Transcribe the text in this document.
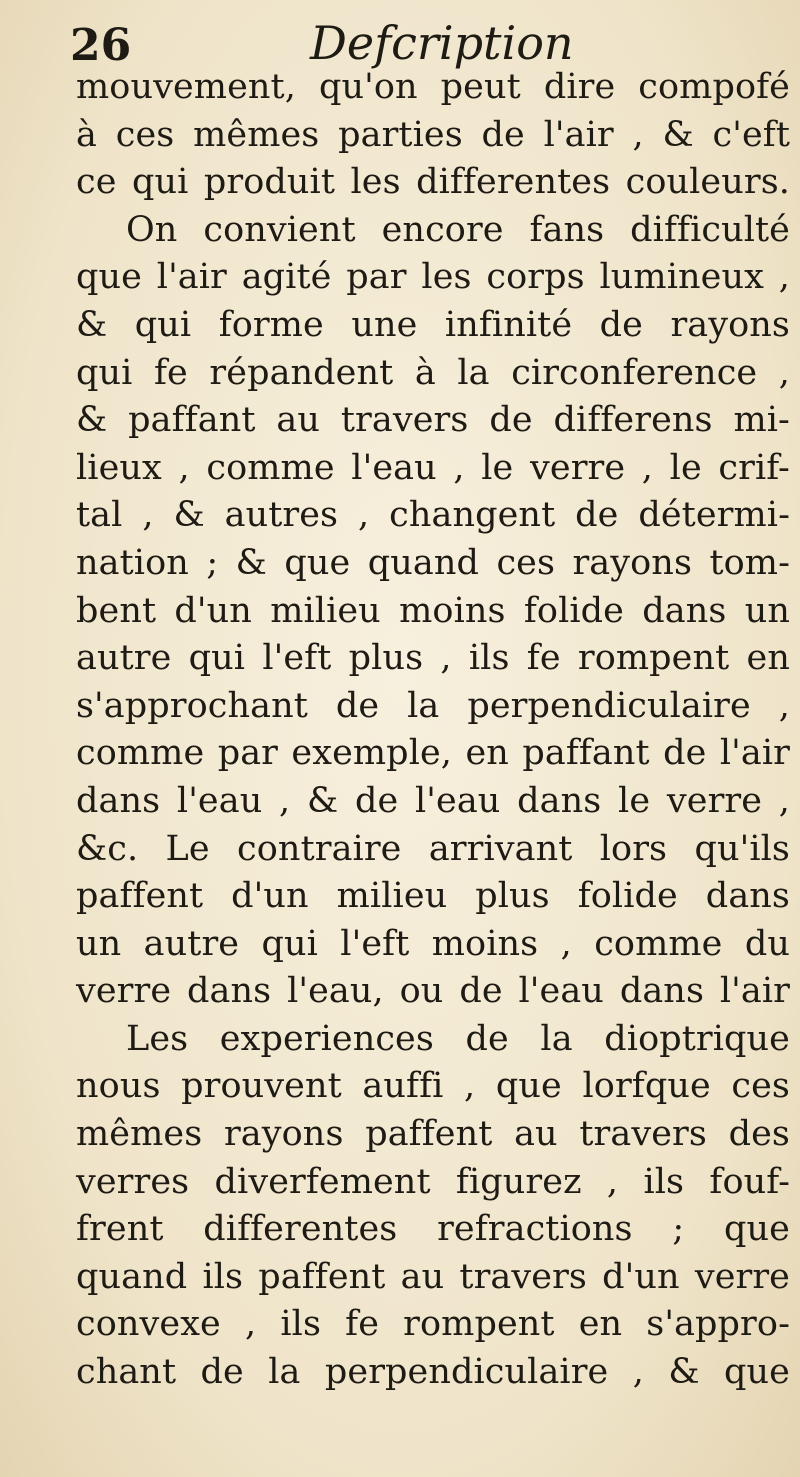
26	Defcription
mouvement, qu'on peut dire compofé
à ces mêmes parties de l'air , & c'eft
ce qui produit les differentes couleurs.
On convient encore fans difficulté
que l'air agité par les corps lumineux ,
& qui forme une infinité de rayons
qui fe répandent à la circonference ,
& paffant au travers de differens mi-
lieux , comme l'eau , le verre , le crif-
tal , & autres , changent de détermi-
nation ; & que quand ces rayons tom-
bent d'un milieu moins folide dans un
autre qui l'eft plus , ils fe rompent en
s'approchant de la perpendiculaire ,
comme par exemple, en paffant de l'air
dans l'eau , & de l'eau dans le verre ,
&c. Le contraire arrivant lors qu'ils
paffent d'un milieu plus folide dans
un autre qui l'eft moins , comme du
verre dans l'eau, ou de l'eau dans l'air
Les experiences de la dioptrique
nous prouvent auffi , que lorfque ces
mêmes rayons paffent au travers des
verres diverfement figurez , ils fouf-
frent differentes refractions ; que
quand ils paffent au travers d'un verre
convexe , ils fe rompent en s'appro-
chant de la perpendiculaire , & que
